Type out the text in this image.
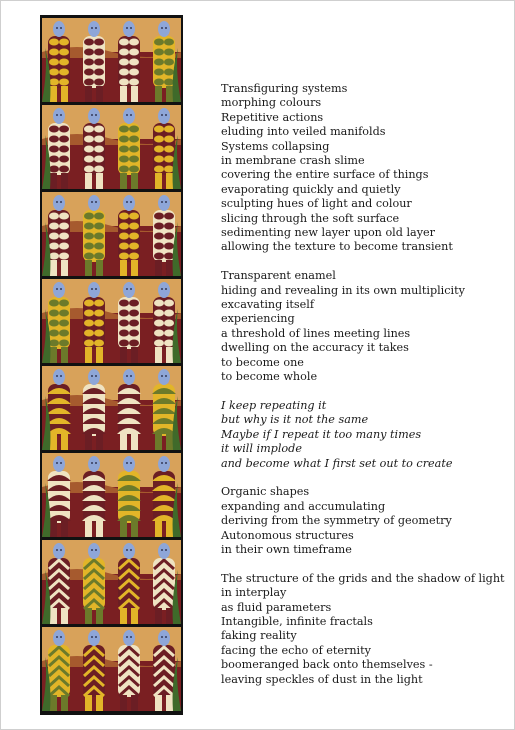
Transfiguring systems
morphing colours
Repetitive actions
eluding into veiled manifolds
Systems collapsing
in membrane crash slime
covering the entire surface of things
evaporating quickly and quietly
sculpting hues of light and colour
slicing through the soft surface
sedimenting new layer upon old layer
allowing the texture to become transient
Transparent enamel
hiding and revealing in its own multiplicity
excavating itself
experiencing
a threshold of lines meeting lines
dwelling on the accuracy it takes
to become one
to become whole
I keep repeating it
but why is it not the same
Maybe if I repeat it too many times
it will implode
and become what I first set out to create
Organic shapes
expanding and accumulating
deriving from the symmetry of geometry
Autonomous structures
in their own timeframe
The structure of the grids and the shadow of light
in interplay
as fluid parameters
Intangible, infinite fractals
faking reality
facing the echo of eternity
boomeranged back onto themselves -
leaving speckles of dust in the light
